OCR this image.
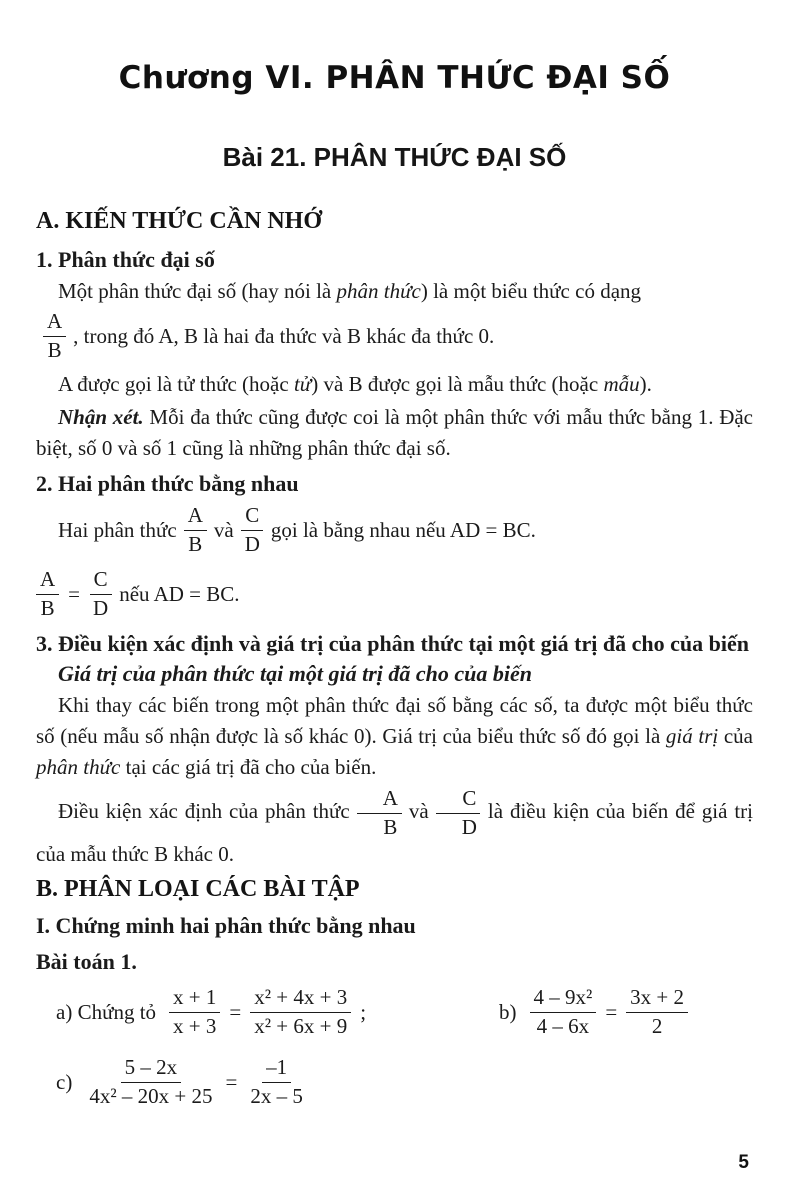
Chương VI. PHÂN THỨC ĐẠI SỐ
Bài 21. PHÂN THỨC ĐẠI SỐ
A. KIẾN THỨC CẦN NHỚ
1. Phân thức đại số

Một phân thức đại số (hay nói là phân thức) là một biểu thức có dạng

$\frac{A}{B}$ , trong đó A, B là hai đa thức và B khác đa thức 0.

A được gọi là tử thức (hoặc tử) và B được gọi là mẫu thức (hoặc mẫu).

Nhận xét. Mỗi đa thức cũng được coi là một phân thức với mẫu thức bằng 1. Đặc biệt, số 0 và số 1 cũng là những phân thức đại số.

2. Hai phân thức bằng nhau
Hai phân thức $\frac{A}{B}$ và $\frac{C}{D}$ gọi là bằng nhau nếu AD = BC.
$\frac{A}{B} = \frac{C}{D}$ nếu AD = BC.
3. Điều kiện xác định và giá trị của phân thức tại một giá trị đã cho của biến
Giá trị của phân thức tại một giá trị đã cho của biến

Khi thay các biến trong một phân thức đại số bằng các số, ta được một biểu thức số (nếu mẫu số nhận được là số khác 0). Giá trị của biểu thức số đó gọi là giá trị của phân thức tại các giá trị đã cho của biến.

Điều kiện xác định của phân thức $\frac{A}{B}$ và $\frac{C}{D}$ là điều kiện của biến để giá trị của mẫu thức B khác 0.

B. PHÂN LOẠI CÁC BÀI TẬP
I. Chứng minh hai phân thức bằng nhau
Bài toán 1.
a) Chứng tỏ $\frac{x + 1}{x + 3} = \frac{\text{x² + 4x + 3}}{\text{x² + 6x + 9}}$ ;	$b) \frac{\text{4 – 9x²}}{4 - 6x} = \frac{3x + 2}{2}$
$c) \frac{5 - 2x}{\text{4x² – 20x + 25}} = \frac{-1}{2x - 5}$
5
